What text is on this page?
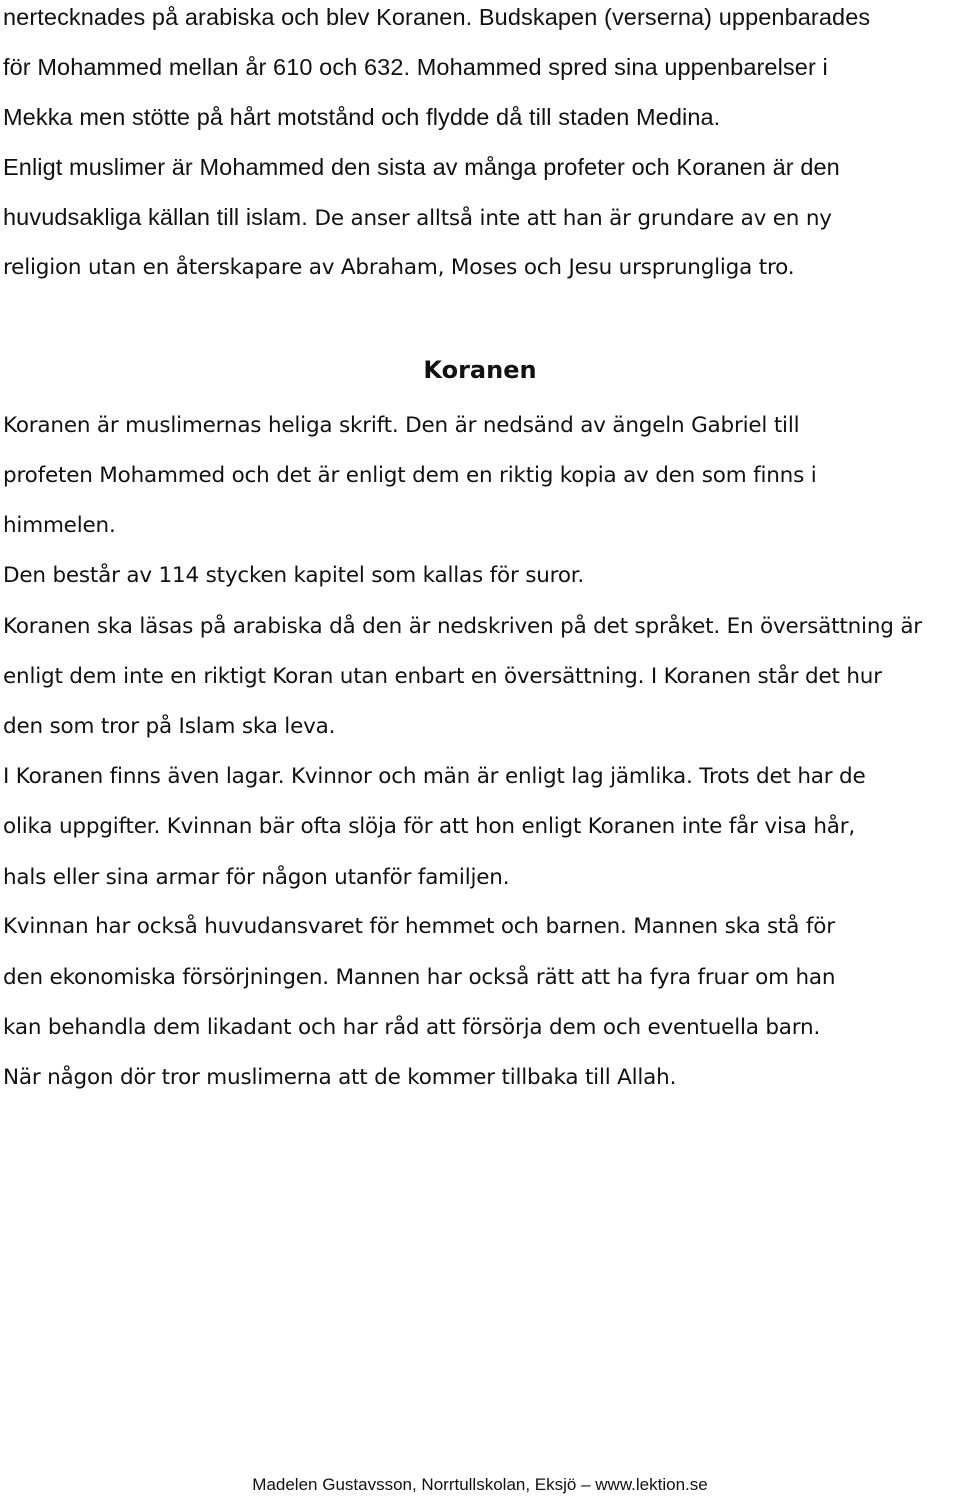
nertecknades på arabiska och blev Koranen. Budskapen (verserna) uppenbarades
för Mohammed mellan år 610 och 632. Mohammed spred sina uppenbarelser i
Mekka men stötte på hårt motstånd och flydde då till staden Medina.
Enligt muslimer är Mohammed den sista av många profeter och Koranen är den
huvudsakliga källan till islam. De anser alltså inte att han är grundare av en ny
religion utan en återskapare av Abraham, Moses och Jesu ursprungliga tro.
Koranen
Koranen är muslimernas heliga skrift. Den är nedsänd av ängeln Gabriel till
profeten Mohammed och det är enligt dem en riktig kopia av den som finns i
himmelen.
Den består av 114 stycken kapitel som kallas för suror.
Koranen ska läsas på arabiska då den är nedskriven på det språket. En översättning är
enligt dem inte en riktigt Koran utan enbart en översättning. I Koranen står det hur
den som tror på Islam ska leva.
I Koranen finns även lagar. Kvinnor och män är enligt lag jämlika. Trots det har de
olika uppgifter. Kvinnan bär ofta slöja för att hon enligt Koranen inte får visa hår,
hals eller sina armar för någon utanför familjen.
Kvinnan har också huvudansvaret för hemmet och barnen. Mannen ska stå för
den ekonomiska försörjningen. Mannen har också rätt att ha fyra fruar om han
kan behandla dem likadant och har råd att försörja dem och eventuella barn.
När någon dör tror muslimerna att de kommer tillbaka till Allah.
Madelen Gustavsson, Norrtullskolan, Eksjö – www.lektion.se
